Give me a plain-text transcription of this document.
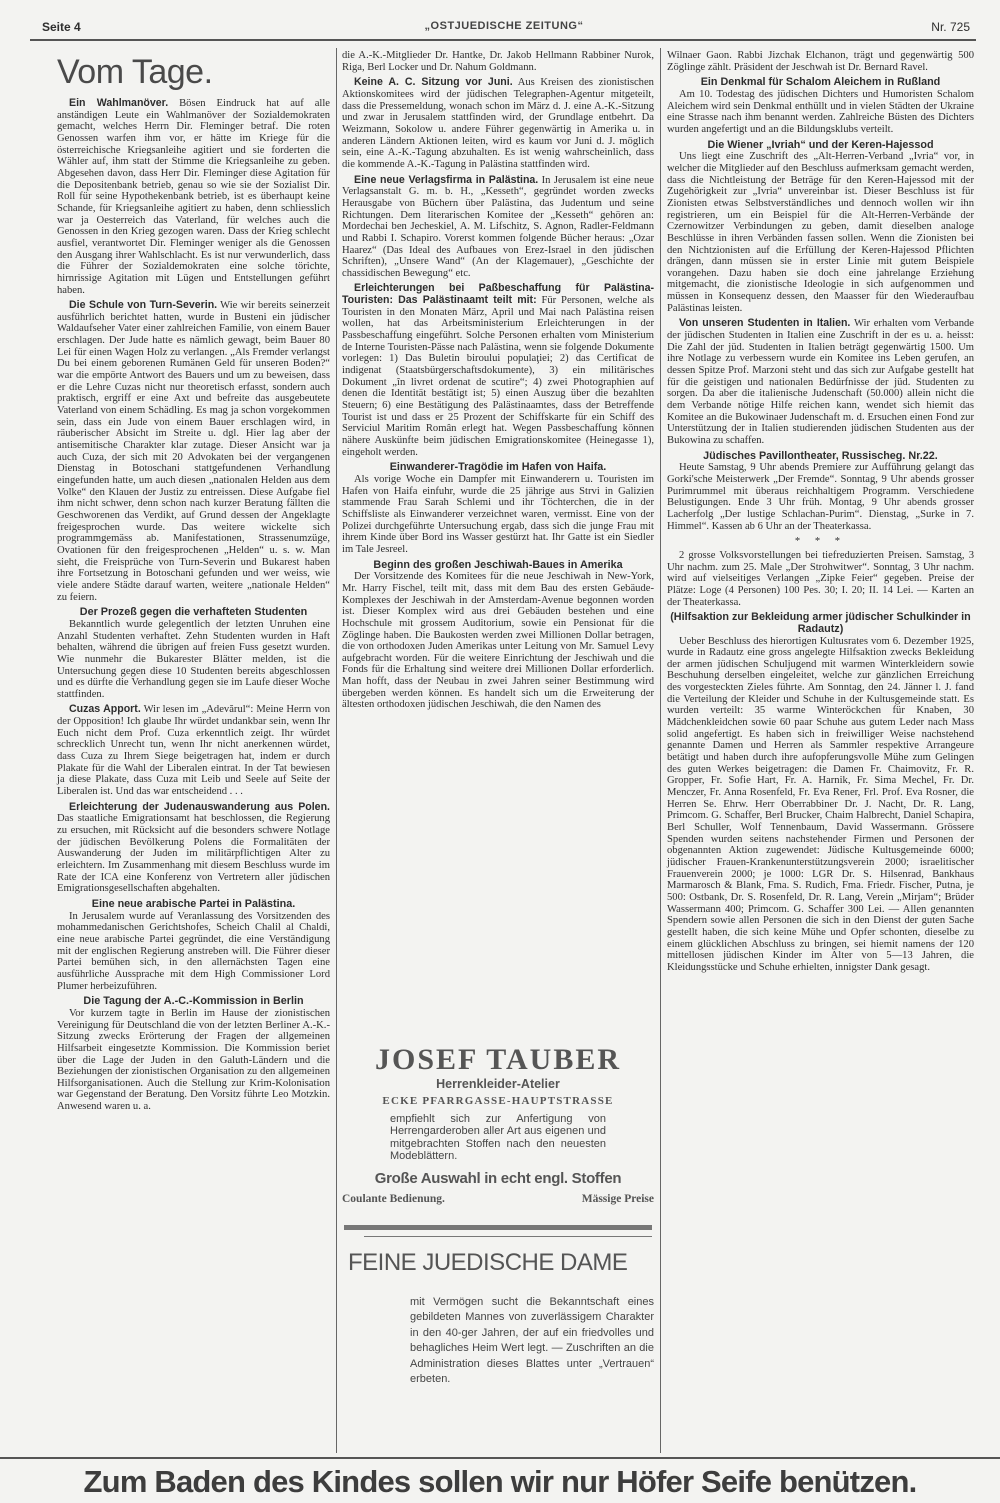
Seite 4	„OSTJUEDISCHE ZEITUNG“	Nr. 725
Vom Tage.

Ein Wahlmanöver. Bösen Eindruck hat auf alle anständigen Leute ein Wahlmanöver der Sozialdemokraten gemacht, welches Herrn Dir. Fleminger betraf. Die roten Genossen warfen ihm vor, er hätte im Kriege für die österreichische Kriegsanleihe agitiert und sie forderten die Wähler auf, ihm statt der Stimme die Kriegsanleihe zu geben. Abgesehen davon, dass Herr Dir. Fleminger diese Agitation für die Depositenbank betrieb, genau so wie sie der Sozialist Dir. Roll für seine Hypothekenbank betrieb, ist es überhaupt keine Schande, für Kriegsanleihe agitiert zu haben, denn schliesslich war ja Oesterreich das Vaterland, für welches auch die Genossen in den Krieg gezogen waren. Dass der Krieg schlecht ausfiel, verantwortet Dir. Fleminger weniger als die Genossen den Ausgang ihrer Wahlschlacht. Es ist nur verwunderlich, dass die Führer der Sozialdemokraten eine solche törichte, hirnrissige Agitation mit Lügen und Entstellungen geführt haben.

Die Schule von Turn-Severin. Wie wir bereits seinerzeit ausführlich berichtet hatten, wurde in Busteni ein jüdischer Waldaufseher Vater einer zahlreichen Familie, von einem Bauer erschlagen. Der Jude hatte es nämlich gewagt, beim Bauer 80 Lei für einen Wagen Holz zu verlangen. „Als Fremder verlangst Du bei einem geborenen Rumänen Geld für unseren Boden?“ war die empörte Antwort des Bauers und um zu beweisen, dass er die Lehre Cuzas nicht nur theoretisch erfasst, sondern auch praktisch, ergriff er eine Axt und befreite das ausgebeutete Vaterland von einem Schädling. Es mag ja schon vorgekommen sein, dass ein Jude von einem Bauer erschlagen wird, in räuberischer Absicht im Streite u. dgl. Hier lag aber der antisemitische Charakter klar zutage. Dieser Ansicht war ja auch Cuza, der sich mit 20 Advokaten bei der vergangenen Dienstag in Botoschani stattgefundenen Verhandlung eingefunden hatte, um auch diesen „nationalen Helden aus dem Volke“ den Klauen der Justiz zu entreissen. Diese Aufgabe fiel ihm nicht schwer, denn schon nach kurzer Beratung fällten die Geschworenen das Verdikt, auf Grund dessen der Angeklagte freigesprochen wurde. Das weitere wickelte sich programmgemäss ab. Manifestationen, Strassenumzüge, Ovationen für den freigesprochenen „Helden“ u. s. w. Man sieht, die Freisprüche von Turn-Severin und Bukarest haben ihre Fortsetzung in Botoschani gefunden und wer weiss, wie viele andere Städte darauf warten, weitere „nationale Helden“ zu feiern.

Der Prozeß gegen die verhafteten Studenten

Bekanntlich wurde gelegentlich der letzten Unruhen eine Anzahl Studenten verhaftet. Zehn Studenten wurden in Haft behalten, während die übrigen auf freien Fuss gesetzt wurden. Wie nunmehr die Bukarester Blätter melden, ist die Untersuchung gegen diese 10 Studenten bereits abgeschlossen und es dürfte die Verhandlung gegen sie im Laufe dieser Woche stattfinden.

Cuzas Apport. Wir lesen im „Adevărul“: Meine Herrn von der Opposition! Ich glaube Ihr würdet undankbar sein, wenn Ihr Euch nicht dem Prof. Cuza erkenntlich zeigt. Ihr würdet schrecklich Unrecht tun, wenn Ihr nicht anerkennen würdet, dass Cuza zu Ihrem Siege beigetragen hat, indem er durch Plakate für die Wahl der Liberalen eintrat. In der Tat bewiesen ja diese Plakate, dass Cuza mit Leib und Seele auf Seite der Liberalen ist. Und das war entscheidend . . .

Erleichterung der Judenauswanderung aus Polen. Das staatliche Emigrationsamt hat beschlossen, die Regierung zu ersuchen, mit Rücksicht auf die besonders schwere Notlage der jüdischen Bevölkerung Polens die Formalitäten der Auswanderung der Juden im militärpflichtigen Alter zu erleichtern. Im Zusammenhang mit diesem Beschluss wurde im Rate der ICA eine Konferenz von Vertretern aller jüdischen Emigrationsgesellschaften abgehalten.

Eine neue arabische Partei in Palästina.

In Jerusalem wurde auf Veranlassung des Vorsitzenden des mohammedanischen Gerichtshofes, Scheich Chalil al Chaldi, eine neue arabische Partei gegründet, die eine Verständigung mit der englischen Regierung anstreben will. Die Führer dieser Partei bemühen sich, in den allernächsten Tagen eine ausführliche Aussprache mit dem High Commissioner Lord Plumer herbeizuführen.

Die Tagung der A.-C.-Kommission in Berlin

Vor kurzem tagte in Berlin im Hause der zionistischen Vereinigung für Deutschland die von der letzten Berliner A.-K.-Sitzung zwecks Erörterung der Fragen der allgemeinen Hilfsarbeit eingesetzte Kommission. Die Kommission beriet über die Lage der Juden in den Galuth-Ländern und die Beziehungen der zionistischen Organisation zu den allgemeinen Hilfsorganisationen. Auch die Stellung zur Krim-Kolonisation war Gegenstand der Beratung. Den Vorsitz führte Leo Motzkin. Anwesend waren u. a.

die A.-K.-Mitglieder Dr. Hantke, Dr. Jakob Hellmann Rabbiner Nurok, Riga, Berl Locker und Dr. Nahum Goldmann.

Keine A. C. Sitzung vor Juni. Aus Kreisen des zionistischen Aktionskomitees wird der jüdischen Telegraphen-Agentur mitgeteilt, dass die Pressemeldung, wonach schon im März d. J. eine A.-K.-Sitzung und zwar in Jerusalem stattfinden wird, der Grundlage entbehrt. Da Weizmann, Sokolow u. andere Führer gegenwärtig in Amerika u. in anderen Ländern Aktionen leiten, wird es kaum vor Juni d. J. möglich sein, eine A.-K.-Tagung abzuhalten. Es ist wenig wahrscheinlich, dass die kommende A.-K.-Tagung in Palästina stattfinden wird.

Eine neue Verlagsfirma in Palästina. In Jerusalem ist eine neue Verlagsanstalt G. m. b. H., „Kesseth“, gegründet worden zwecks Herausgabe von Büchern über Palästina, das Judentum und seine Richtungen. Dem literarischen Komitee der „Kesseth“ gehören an: Mordechai ben Jecheskiel, A. M. Lifschitz, S. Agnon, Radler-Feldmann und Rabbi I. Schapiro. Vorerst kommen folgende Bücher heraus: „Ozar Haarez“ (Das Ideal des Aufbaues von Erez-Israel in den jüdischen Schriften), „Unsere Wand“ (An der Klagemauer), „Geschichte der chassidischen Bewegung“ etc.

Erleichterungen bei Paßbeschaffung für Palästina-Touristen: Das Palästinaamt teilt mit: Für Personen, welche als Touristen in den Monaten März, April und Mai nach Palästina reisen wollen, hat das Arbeitsministerium Erleichterungen in der Passbeschaffung eingeführt. Solche Personen erhalten vom Ministerium de Interne Touristen-Pässe nach Palästina, wenn sie folgende Dokumente vorlegen: 1) Das Buletin biroului populaţiei; 2) das Certificat de indigenat (Staatsbürgerschaftsdokumente), 3) ein militärisches Dokument „în livret ordenat de scutire“; 4) zwei Photographien auf denen die Identität bestätigt ist; 5) einen Auszug über die bezahlten Steuern; 6) eine Bestätigung des Palästinaamtes, dass der Betreffende Tourist ist und dass er 25 Prozent der Schiffskarte für ein Schiff des Serviciul Maritim Român erlegt hat. Wegen Passbeschaffung können nähere Auskünfte beim jüdischen Emigrationskomitee (Heinegasse 1), eingeholt werden.

Einwanderer-Tragödie im Hafen von Haifa.

Als vorige Woche ein Dampfer mit Einwanderern u. Touristen im Hafen von Haifa einfuhr, wurde die 25 jährige aus Strvi in Galizien stammende Frau Sarah Schlemi und ihr Töchterchen, die in der Schiffsliste als Einwanderer verzeichnet waren, vermisst. Eine von der Polizei durchgeführte Untersuchung ergab, dass sich die junge Frau mit ihrem Kinde über Bord ins Wasser gestürzt hat. Ihr Gatte ist ein Siedler im Tale Jesreel.

Beginn des großen Jeschiwah-Baues in Amerika

Der Vorsitzende des Komitees für die neue Jeschiwah in New-York, Mr. Harry Fischel, teilt mit, dass mit dem Bau des ersten Gebäude-Komplexes der Jeschiwah in der Amsterdam-Avenue begonnen worden ist. Dieser Komplex wird aus drei Gebäuden bestehen und eine Hochschule mit grossem Auditorium, sowie ein Pensionat für die Zöglinge haben. Die Baukosten werden zwei Millionen Dollar betragen, die von orthodoxen Juden Amerikas unter Leitung von Mr. Samuel Levy aufgebracht worden. Für die weitere Einrichtung der Jeschiwah und die Fonds für die Erhaltung sind weitere drei Millionen Dollar erforderlich. Man hofft, dass der Neubau in zwei Jahren seiner Bestimmung wird übergeben werden können. Es handelt sich um die Erweiterung der ältesten orthodoxen jüdischen Jeschiwah, die den Namen des

Wilnaer Gaon. Rabbi Jizchak Elchanon, trägt und gegenwärtig 500 Zöglinge zählt. Präsident der Jeschwah ist Dr. Bernard Ravel.

Ein Denkmal für Schalom Aleichem in Rußland

Am 10. Todestag des jüdischen Dichters und Humoristen Schalom Aleichem wird sein Denkmal enthüllt und in vielen Städten der Ukraine eine Strasse nach ihm benannt werden. Zahlreiche Büsten des Dichters wurden angefertigt und an die Bildungsklubs verteilt.

Die Wiener „Ivriah“ und der Keren-Hajessod

Uns liegt eine Zuschrift des „Alt-Herren-Verband „Ivria“ vor, in welcher die Mitglieder auf den Beschluss aufmerksam gemacht werden, dass die Nichtleistung der Beträge für den Keren-Hajessod mit der Zugehörigkeit zur „Ivria“ unvereinbar ist. Dieser Beschluss ist für Zionisten etwas Selbstverständliches und dennoch wollen wir ihn registrieren, um ein Beispiel für die Alt-Herren-Verbände der Czernowitzer Verbindungen zu geben, damit dieselben analoge Beschlüsse in ihren Verbänden fassen sollen. Wenn die Zionisten bei den Nichtzionisten auf die Erfüllung der Keren-Hajessod Pflichten drängen, dann müssen sie in erster Linie mit gutem Beispiele vorangehen. Dazu haben sie doch eine jahrelange Erziehung mitgemacht, die zionistische Ideologie in sich aufgenommen und müssen in Konsequenz dessen, den Maasser für den Wiederaufbau Palästinas leisten.

Von unseren Studenten in Italien. Wir erhalten vom Verbande der jüdischen Studenten in Italien eine Zuschrift in der es u. a. heisst: Die Zahl der jüd. Studenten in Italien beträgt gegenwärtig 1500. Um ihre Notlage zu verbessern wurde ein Komitee ins Leben gerufen, an dessen Spitze Prof. Marzoni steht und das sich zur Aufgabe gestellt hat für die geistigen und nationalen Bedürfnisse der jüd. Studenten zu sorgen. Da aber die italienische Judenschaft (50.000) allein nicht die dem Verbande nötige Hilfe reichen kann, wendet sich hiemit das Komitee an die Bukowinaer Judenschaft m. d. Ersuchen einen Fond zur Unterstützung der in Italien studierenden jüdischen Studenten aus der Bukowina zu schaffen.

Jüdisches Pavillontheater, Russischeg. Nr.22.

Heute Samstag, 9 Uhr abends Premiere zur Aufführung gelangt das Gorki'sche Meisterwerk „Der Fremde“. Sonntag, 9 Uhr abends grosser Purimrummel mit überaus reichhaltigem Programm. Verschiedene Belustigungen. Ende 3 Uhr früh. Montag, 9 Uhr abends grosser Lacherfolg „Der lustige Schlachan-Purim“. Dienstag, „Surke in 7. Himmel“. Kassen ab 6 Uhr an der Theaterkassa.

* * *

2 grosse Volksvorstellungen bei tiefreduzierten Preisen. Samstag, 3 Uhr nachm. zum 25. Male „Der Strohwitwer“. Sonntag, 3 Uhr nachm. wird auf vielseitiges Verlangen „Zipke Feier“ gegeben. Preise der Plätze: Loge (4 Personen) 100 Pes. 30; I. 20; II. 14 Lei. — Karten an der Theaterkassa.

(Hilfsaktion zur Bekleidung armer jüdischer Schulkinder in Radautz)

Ueber Beschluss des hierortigen Kultusrates vom 6. Dezember 1925, wurde in Radautz eine gross angelegte Hilfsaktion zwecks Bekleidung der armen jüdischen Schuljugend mit warmen Winterkleidern sowie Beschuhung derselben eingeleitet, welche zur gänzlichen Erreichung des vorgesteckten Zieles führte. Am Sonntag, den 24. Jänner l. J. fand die Verteilung der Kleider und Schuhe in der Kultusgemeinde statt. Es wurden verteilt: 35 warme Winteröckchen für Knaben, 30 Mädchenkleidchen sowie 60 paar Schuhe aus gutem Leder nach Mass solid angefertigt. Es haben sich in freiwilliger Weise nachstehend genannte Damen und Herren als Sammler respektive Arrangeure betätigt und haben durch ihre aufopferungsvolle Mühe zum Gelingen des guten Werkes beigetragen: die Damen Fr. Chaimovitz, Fr. R. Gropper, Fr. Sofie Hart, Fr. A. Harnik, Fr. Sima Mechel, Fr. Dr. Menczer, Fr. Anna Rosenfeld, Fr. Eva Rener, Frl. Prof. Eva Rosner, die Herren Se. Ehrw. Herr Oberrabbiner Dr. J. Nacht, Dr. R. Lang, Primcom. G. Schaffer, Berl Brucker, Chaim Halbrecht, Daniel Schapira, Berl Schuller, Wolf Tennenbaum, David Wassermann. Grössere Spenden wurden seitens nachstehender Firmen und Personen der obgenannten Aktion zugewendet: Jüdische Kultusgemeinde 6000; jüdischer Frauen-Krankenunterstützungsverein 2000; israelitischer Frauenverein 2000; je 1000: LGR Dr. S. Hilsenrad, Bankhaus Marmarosch & Blank, Fma. S. Rudich, Fma. Friedr. Fischer, Putna, je 500: Ostbank, Dr. S. Rosenfeld, Dr. R. Lang, Verein „Mirjam“; Brüder Wassermann 400; Primcom. G. Schaffer 300 Lei. — Allen genannten Spendern sowie allen Personen die sich in den Dienst der guten Sache gestellt haben, die sich keine Mühe und Opfer schonten, dieselbe zu einem glücklichen Abschluss zu bringen, sei hiemit namens der 120 mittellosen jüdischen Kinder im Alter von 5—13 Jahren, die Kleidungsstücke und Schuhe erhielten, innigster Dank gesagt.

JOSEF TAUBER
Herrenkleider-Atelier
ECKE PFARRGASSE-HAUPTSTRASSE
empfiehlt sich zur Anfertigung von Herrengarderoben aller Art aus eigenen und mitgebrachten Stoffen nach den neuesten Modeblättern.
Große Auswahl in echt engl. Stoffen
Coulante Bedienung.	Mässige Preise
FEINE JUEDISCHE DAME
mit Vermögen sucht die Bekanntschaft eines gebildeten Mannes von zuverlässigem Charakter in den 40-ger Jahren, der auf ein friedvolles und behagliches Heim Wert legt. — Zuschriften an die Administration dieses Blattes unter „Vertrauen“ erbeten.
Zum Baden des Kindes sollen wir nur Höfer Seife benützen.
